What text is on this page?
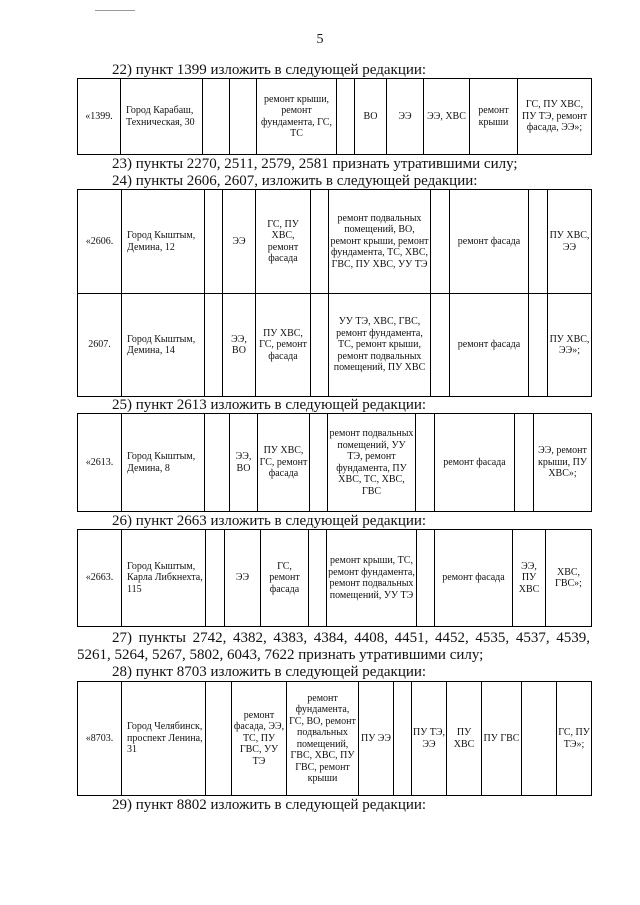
5
22) пункт 1399 изложить в следующей редакции:
«1399.	Город Карабаш, Техническая, 30			ремонт крыши, ремонт фундамента, ГС, ТС		ВО	ЭЭ	ЭЭ, ХВС	ремонт крыши	ГС, ПУ ХВС, ПУ ТЭ, ремонт фасада, ЭЭ»;
23) пункты 2270, 2511, 2579, 2581 признать утратившими силу;
24) пункты 2606, 2607, изложить в следующей редакции:
«2606.	Город Кыштым, Демина, 12		ЭЭ	ГС, ПУ ХВС, ремонт фасада		ремонт подвальных помещений, ВО, ремонт крыши, ремонт фундамента, ТС, ХВС, ГВС, ПУ ХВС, УУ ТЭ		ремонт фасада		ПУ ХВС, ЭЭ
2607.	Город Кыштым, Демина, 14		ЭЭ, ВО	ПУ ХВС, ГС, ремонт фасада		УУ ТЭ, ХВС, ГВС, ремонт фундамента, ТС, ремонт крыши, ремонт подвальных помещений, ПУ ХВС		ремонт фасада		ПУ ХВС, ЭЭ»;
25) пункт 2613 изложить в следующей редакции:
«2613.	Город Кыштым, Демина, 8		ЭЭ, ВО	ПУ ХВС, ГС, ремонт фасада		ремонт подвальных помещений, УУ ТЭ, ремонт фундамента, ПУ ХВС, ТС, ХВС, ГВС		ремонт фасада		ЭЭ, ремонт крыши, ПУ ХВС»;
26) пункт 2663 изложить в следующей редакции:
«2663.	Город Кыштым, Карла Либкнехта, 115		ЭЭ	ГС, ремонт фасада		ремонт крыши, ТС, ремонт фундамента, ремонт подвальных помещений, УУ ТЭ		ремонт фасада	ЭЭ, ПУ ХВС	ХВС, ГВС»;
27) пункты 2742, 4382, 4383, 4384, 4408, 4451, 4452, 4535, 4537, 4539,
5261, 5264, 5267, 5802, 6043, 7622 признать утратившими силу;
28) пункт 8703 изложить в следующей редакции:
«8703.	Город Челябинск, проспект Ленина, 31		ремонт фасада, ЭЭ, ТС, ПУ ГВС, УУ ТЭ	ремонт фундамента, ГС, ВО, ремонт подвальных помещений, ГВС, ХВС, ПУ ГВС, ремонт крыши	ПУ ЭЭ		ПУ ТЭ, ЭЭ	ПУ ХВС	ПУ ГВС		ГС, ПУ ТЭ»;
29) пункт 8802 изложить в следующей редакции:
